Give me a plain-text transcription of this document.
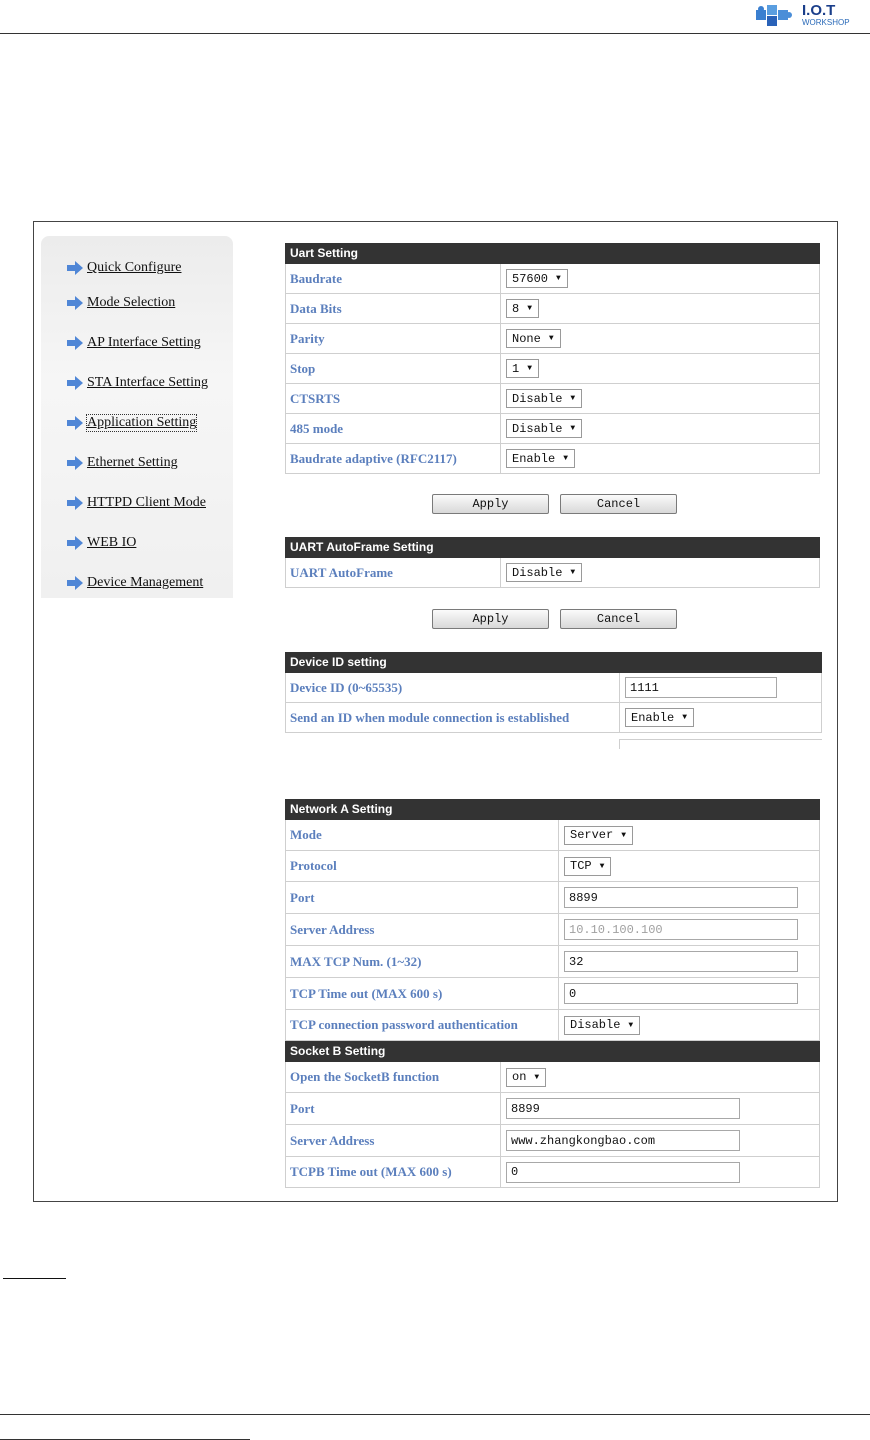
I.O.T
WORKSHOP
Quick Configure
Mode Selection
AP Interface Setting
STA Interface Setting
Application Setting
Ethernet Setting
HTTPD Client Mode
WEB IO
Device Management
Uart Setting
Baudrate	57600 ▼
Data Bits	8 ▼
Parity	None ▼
Stop	1 ▼
CTSRTS	Disable ▼
485 mode	Disable ▼
Baudrate adaptive (RFC2117)	Enable ▼
Apply	Cancel
UART AutoFrame Setting
UART AutoFrame	Disable ▼
Apply	Cancel
Device ID setting
Device ID (0~65535)	1111
Send an ID when module connection is established	Enable ▼
Network A Setting
Mode	Server ▼
Protocol	TCP ▼
Port	8899
Server Address	10.10.100.100
MAX TCP Num. (1~32)	32
TCP Time out (MAX 600 s)	0
TCP connection password authentication	Disable ▼
Socket B Setting
Open the SocketB function	on ▼
Port	8899
Server Address	www.zhangkongbao.com
TCPB Time out (MAX 600 s)	0
